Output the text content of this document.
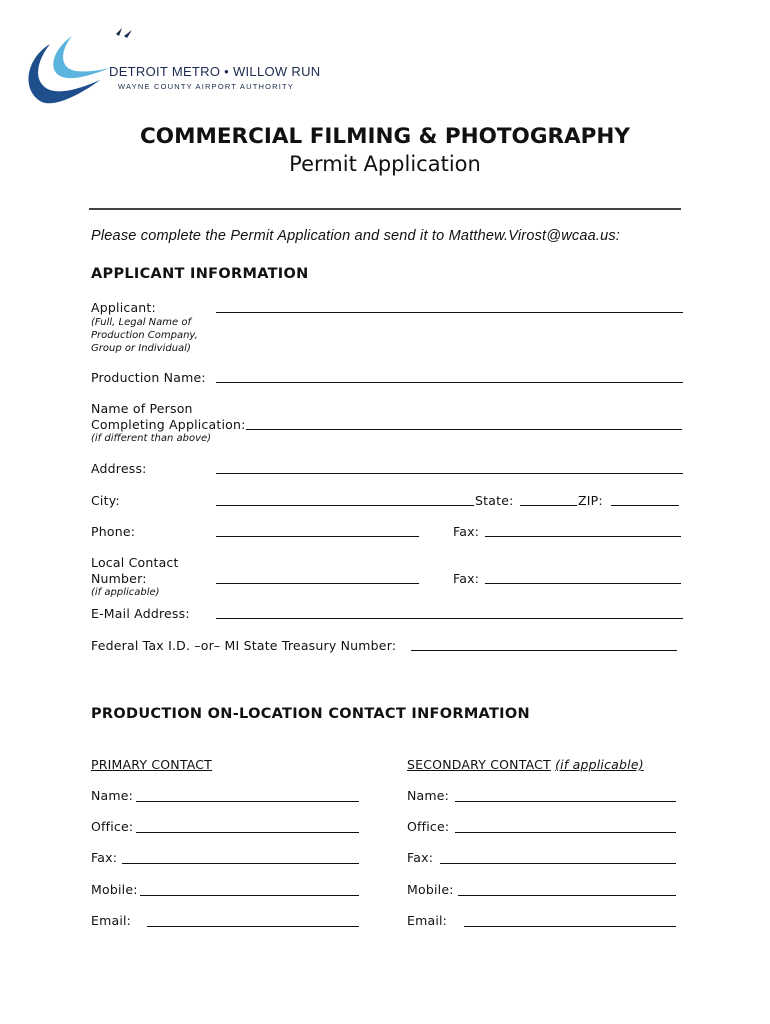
DETROIT METRO • WILLOW RUN
WAYNE COUNTY AIRPORT AUTHORITY
COMMERCIAL FILMING & PHOTOGRAPHY
Permit Application
Please complete the Permit Application and send it to Matthew.Virost@wcaa.us:
APPLICANT INFORMATION
Applicant:
(Full, Legal Name of
Production Company,
Group or Individual)
Production Name:
Name of Person
Completing Application:
(if different than above)
Address:
City:	State:	ZIP:
Phone:	Fax:
Local Contact
Number:	Fax:
(if applicable)
E-Mail Address:
Federal Tax I.D. –or– MI State Treasury Number:
PRODUCTION ON-LOCATION CONTACT INFORMATION
PRIMARY CONTACT	SECONDARY CONTACT (if applicable)
Name:
Office:
Fax:
Mobile:
Email:
Name:
Office:
Fax:
Mobile:
Email:
